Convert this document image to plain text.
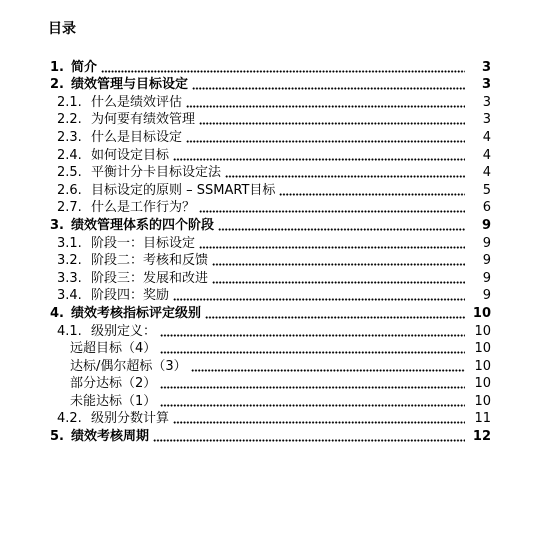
目录
1. 简介	3
2. 绩效管理与目标设定	3
2.1. 什么是绩效评估	3
2.2. 为何要有绩效管理	3
2.3. 什么是目标设定	4
2.4. 如何设定目标	4
2.5. 平衡计分卡目标设定法	4
2.6. 目标设定的原则 – SSMART目标	5
2.7. 什么是工作行为？	6
3. 绩效管理体系的四个阶段	9
3.1. 阶段一：目标设定	9
3.2. 阶段二：考核和反馈	9
3.3. 阶段三：发展和改进	9
3.4. 阶段四：奖励	9
4. 绩效考核指标评定级别	10
4.1. 级别定义：	10
远超目标（4）	10
达标/偶尔超标（3）	10
部分达标（2）	10
未能达标（1）	10
4.2. 级别分数计算	11
5. 绩效考核周期	12
